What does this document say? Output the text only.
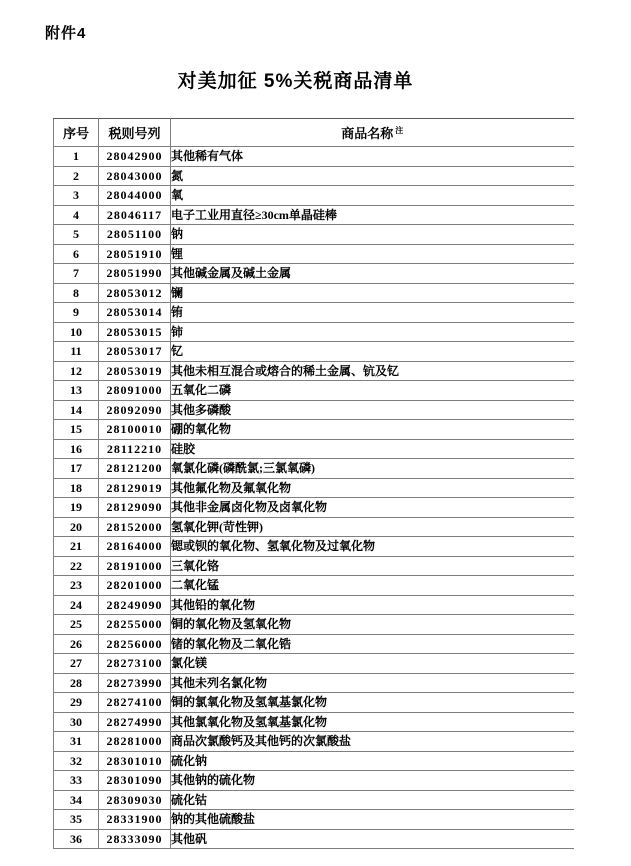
附件4
对美加征 5%关税商品清单
序号	税则号列	商品名称 $^注$
1	28042900	其他稀有气体
2	28043000	氮
3	28044000	氧
4	28046117	电子工业用直径≥30cm单晶硅棒
5	28051100	钠
6	28051910	锂
7	28051990	其他碱金属及碱土金属
8	28053012	镧
9	28053014	铕
10	28053015	铈
11	28053017	钇
12	28053019	其他未相互混合或熔合的稀土金属、钪及钇
13	28091000	五氧化二磷
14	28092090	其他多磷酸
15	28100010	硼的氧化物
16	28112210	硅胶
17	28121200	氧氯化磷(磷酰氯;三氯氧磷)
18	28129019	其他氟化物及氟氧化物
19	28129090	其他非金属卤化物及卤氧化物
20	28152000	氢氧化钾(苛性钾)
21	28164000	锶或钡的氧化物、氢氧化物及过氧化物
22	28191000	三氧化铬
23	28201000	二氧化锰
24	28249090	其他铅的氧化物
25	28255000	铜的氧化物及氢氧化物
26	28256000	锗的氧化物及二氧化锆
27	28273100	氯化镁
28	28273990	其他未列名氯化物
29	28274100	铜的氯氧化物及氢氧基氯化物
30	28274990	其他氯氧化物及氢氧基氯化物
31	28281000	商品次氯酸钙及其他钙的次氯酸盐
32	28301010	硫化钠
33	28301090	其他钠的硫化物
34	28309030	硫化钴
35	28331900	钠的其他硫酸盐
36	28333090	其他矾
